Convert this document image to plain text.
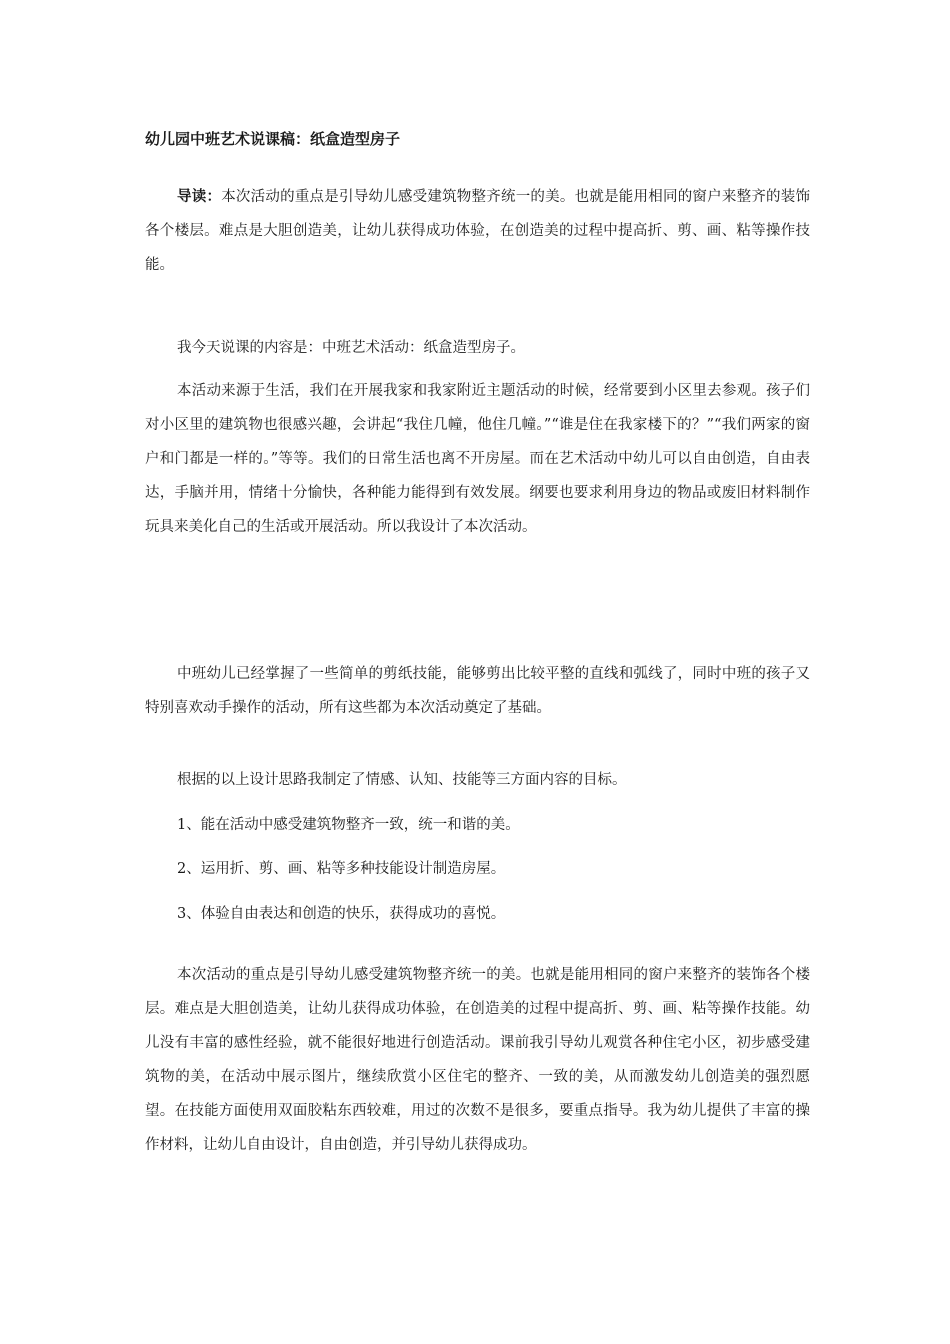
幼儿园中班艺术说课稿：纸盒造型房子

导读：本次活动的重点是引导幼儿感受建筑物整齐统一的美。也就是能用相同的窗户来整齐的装饰各个楼层。难点是大胆创造美，让幼儿获得成功体验，在创造美的过程中提高折、剪、画、粘等操作技能。

我今天说课的内容是：中班艺术活动：纸盒造型房子。

本活动来源于生活，我们在开展我家和我家附近主题活动的时候，经常要到小区里去参观。孩子们对小区里的建筑物也很感兴趣，会讲起“我住几幢，他住几幢。”“谁是住在我家楼下的？”“我们两家的窗户和门都是一样的。”等等。我们的日常生活也离不开房屋。而在艺术活动中幼儿可以自由创造，自由表达，手脑并用，情绪十分愉快，各种能力能得到有效发展。纲要也要求利用身边的物品或废旧材料制作玩具来美化自己的生活或开展活动。所以我设计了本次活动。

中班幼儿已经掌握了一些简单的剪纸技能，能够剪出比较平整的直线和弧线了，同时中班的孩子又特别喜欢动手操作的活动，所有这些都为本次活动奠定了基础。

根据的以上设计思路我制定了情感、认知、技能等三方面内容的目标。

1、能在活动中感受建筑物整齐一致，统一和谐的美。

2、运用折、剪、画、粘等多种技能设计制造房屋。

3、体验自由表达和创造的快乐，获得成功的喜悦。

本次活动的重点是引导幼儿感受建筑物整齐统一的美。也就是能用相同的窗户来整齐的装饰各个楼层。难点是大胆创造美，让幼儿获得成功体验，在创造美的过程中提高折、剪、画、粘等操作技能。幼儿没有丰富的感性经验，就不能很好地进行创造活动。课前我引导幼儿观赏各种住宅小区，初步感受建筑物的美，在活动中展示图片，继续欣赏小区住宅的整齐、一致的美，从而激发幼儿创造美的强烈愿望。在技能方面使用双面胶粘东西较难，用过的次数不是很多，要重点指导。我为幼儿提供了丰富的操作材料，让幼儿自由设计，自由创造，并引导幼儿获得成功。
